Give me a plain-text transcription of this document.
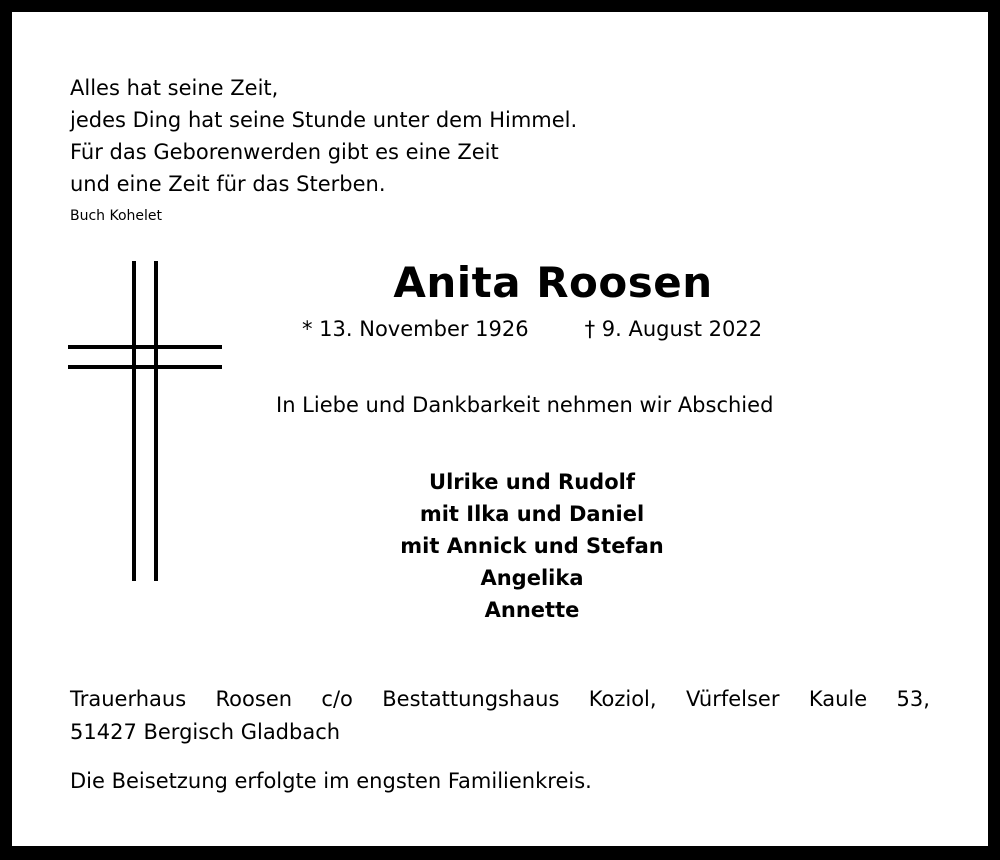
Alles hat seine Zeit,
jedes Ding hat seine Stunde unter dem Himmel.
Für das Geborenwerden gibt es eine Zeit
und eine Zeit für das Sterben.
Buch Kohelet
Anita Roosen
* 13. November 1926	† 9. August 2022
In Liebe und Dankbarkeit nehmen wir Abschied
Ulrike und Rudolf
mit Ilka und Daniel
mit Annick und Stefan
Angelika
Annette
Trauerhaus Roosen c/o Bestattungshaus Koziol, Vürfelser Kaule 53,
51427 Bergisch Gladbach
Die Beisetzung erfolgte im engsten Familienkreis.
